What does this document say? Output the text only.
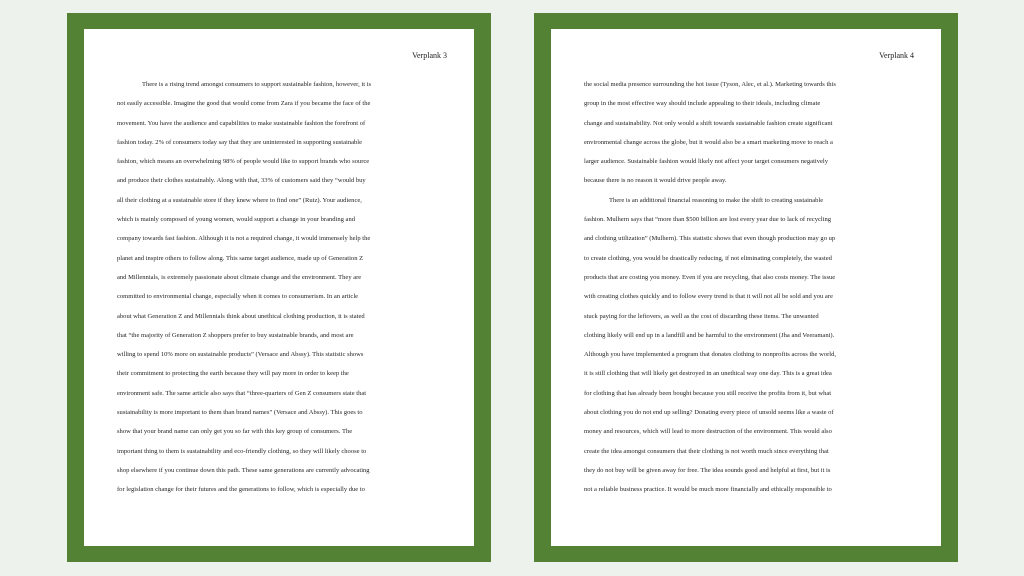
Verplank 3

There is a rising trend amongst consumers to support sustainable fashion, however, it is
not easily accessible. Imagine the good that would come from Zara if you became the face of the
movement. You have the audience and capabilities to make sustainable fashion the forefront of
fashion today. 2% of consumers today say that they are uninterested in supporting sustainable
fashion, which means an overwhelming 98% of people would like to support brands who source
and produce their clothes sustainably. Along with that, 33% of customers said they “would buy
all their clothing at a sustainable store if they knew where to find one” (Ruiz). Your audience,
which is mainly composed of young women, would support a change in your branding and
company towards fast fashion. Although it is not a required change, it would immensely help the
planet and inspire others to follow along. This same target audience, made up of Generation Z
and Millennials, is extremely passionate about climate change and the environment. They are
committed to environmental change, especially when it comes to consumerism. In an article
about what Generation Z and Millennials think about unethical clothing production, it is stated
that “the majority of Generation Z shoppers prefer to buy sustainable brands, and most are
willing to spend 10% more on sustainable products” (Versace and Abssy). This statistic shows
their commitment to protecting the earth because they will pay more in order to keep the
environment safe. The same article also says that “three-quarters of Gen Z consumers state that
sustainability is more important to them than brand names” (Versace and Abssy). This goes to
show that your brand name can only get you so far with this key group of consumers. The
important thing to them is sustainability and eco-friendly clothing, so they will likely choose to
shop elsewhere if you continue down this path. These same generations are currently advocating
for legislation change for their futures and the generations to follow, which is especially due to

Verplank 4

the social media presence surrounding the hot issue (Tyson, Alec, et al.). Marketing towards this
group in the most effective way should include appealing to their ideals, including climate
change and sustainability. Not only would a shift towards sustainable fashion create significant
environmental change across the globe, but it would also be a smart marketing move to reach a
larger audience. Sustainable fashion would likely not affect your target consumers negatively
because there is no reason it would drive people away.
There is an additional financial reasoning to make the shift to creating sustainable
fashion. Mulhern says that “more than $500 billion are lost every year due to lack of recycling
and clothing utilization” (Mulhern). This statistic shows that even though production may go up
to create clothing, you would be drastically reducing, if not eliminating completely, the wasted
products that are costing you money. Even if you are recycling, that also costs money. The issue
with creating clothes quickly and to follow every trend is that it will not all be sold and you are
stuck paying for the leftovers, as well as the cost of discarding these items. The unwanted
clothing likely will end up in a landfill and be harmful to the environment (Jha and Veeramani).
Although you have implemented a program that donates clothing to nonprofits across the world,
it is still clothing that will likely get destroyed in an unethical way one day. This is a great idea
for clothing that has already been bought because you still receive the profits from it, but what
about clothing you do not end up selling? Donating every piece of unsold seems like a waste of
money and resources, which will lead to more destruction of the environment. This would also
create the idea amongst consumers that their clothing is not worth much since everything that
they do not buy will be given away for free. The idea sounds good and helpful at first, but it is
not a reliable business practice. It would be much more financially and ethically responsible to
